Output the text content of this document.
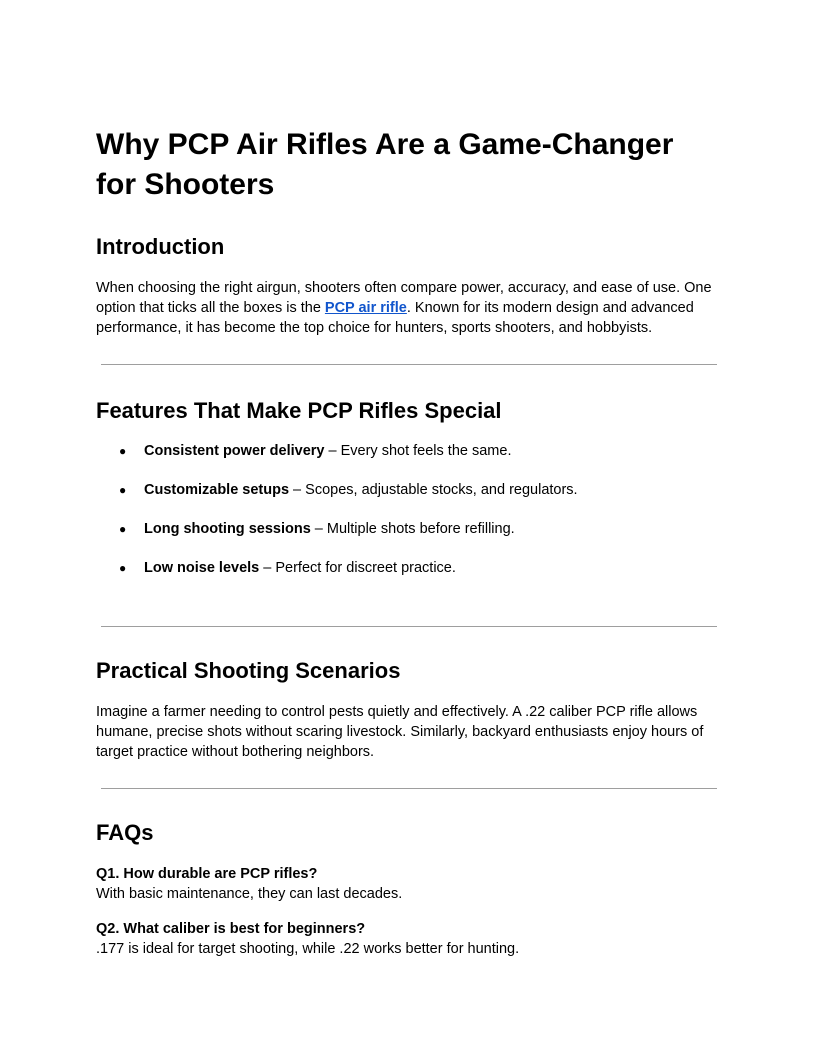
Why PCP Air Rifles Are a Game-Changer for Shooters
Introduction

When choosing the right airgun, shooters often compare power, accuracy, and ease of use. One option that ticks all the boxes is the PCP air rifle. Known for its modern design and advanced performance, it has become the top choice for hunters, sports shooters, and hobbyists.

Features That Make PCP Rifles Special
● Consistent power delivery – Every shot feels the same.
● Customizable setups – Scopes, adjustable stocks, and regulators.
● Long shooting sessions – Multiple shots before refilling.
● Low noise levels – Perfect for discreet practice.
Practical Shooting Scenarios

Imagine a farmer needing to control pests quietly and effectively. A .22 caliber PCP rifle allows humane, precise shots without scaring livestock. Similarly, backyard enthusiasts enjoy hours of target practice without bothering neighbors.

FAQs

Q1. How durable are PCP rifles?
With basic maintenance, they can last decades.

Q2. What caliber is best for beginners?
.177 is ideal for target shooting, while .22 works better for hunting.
